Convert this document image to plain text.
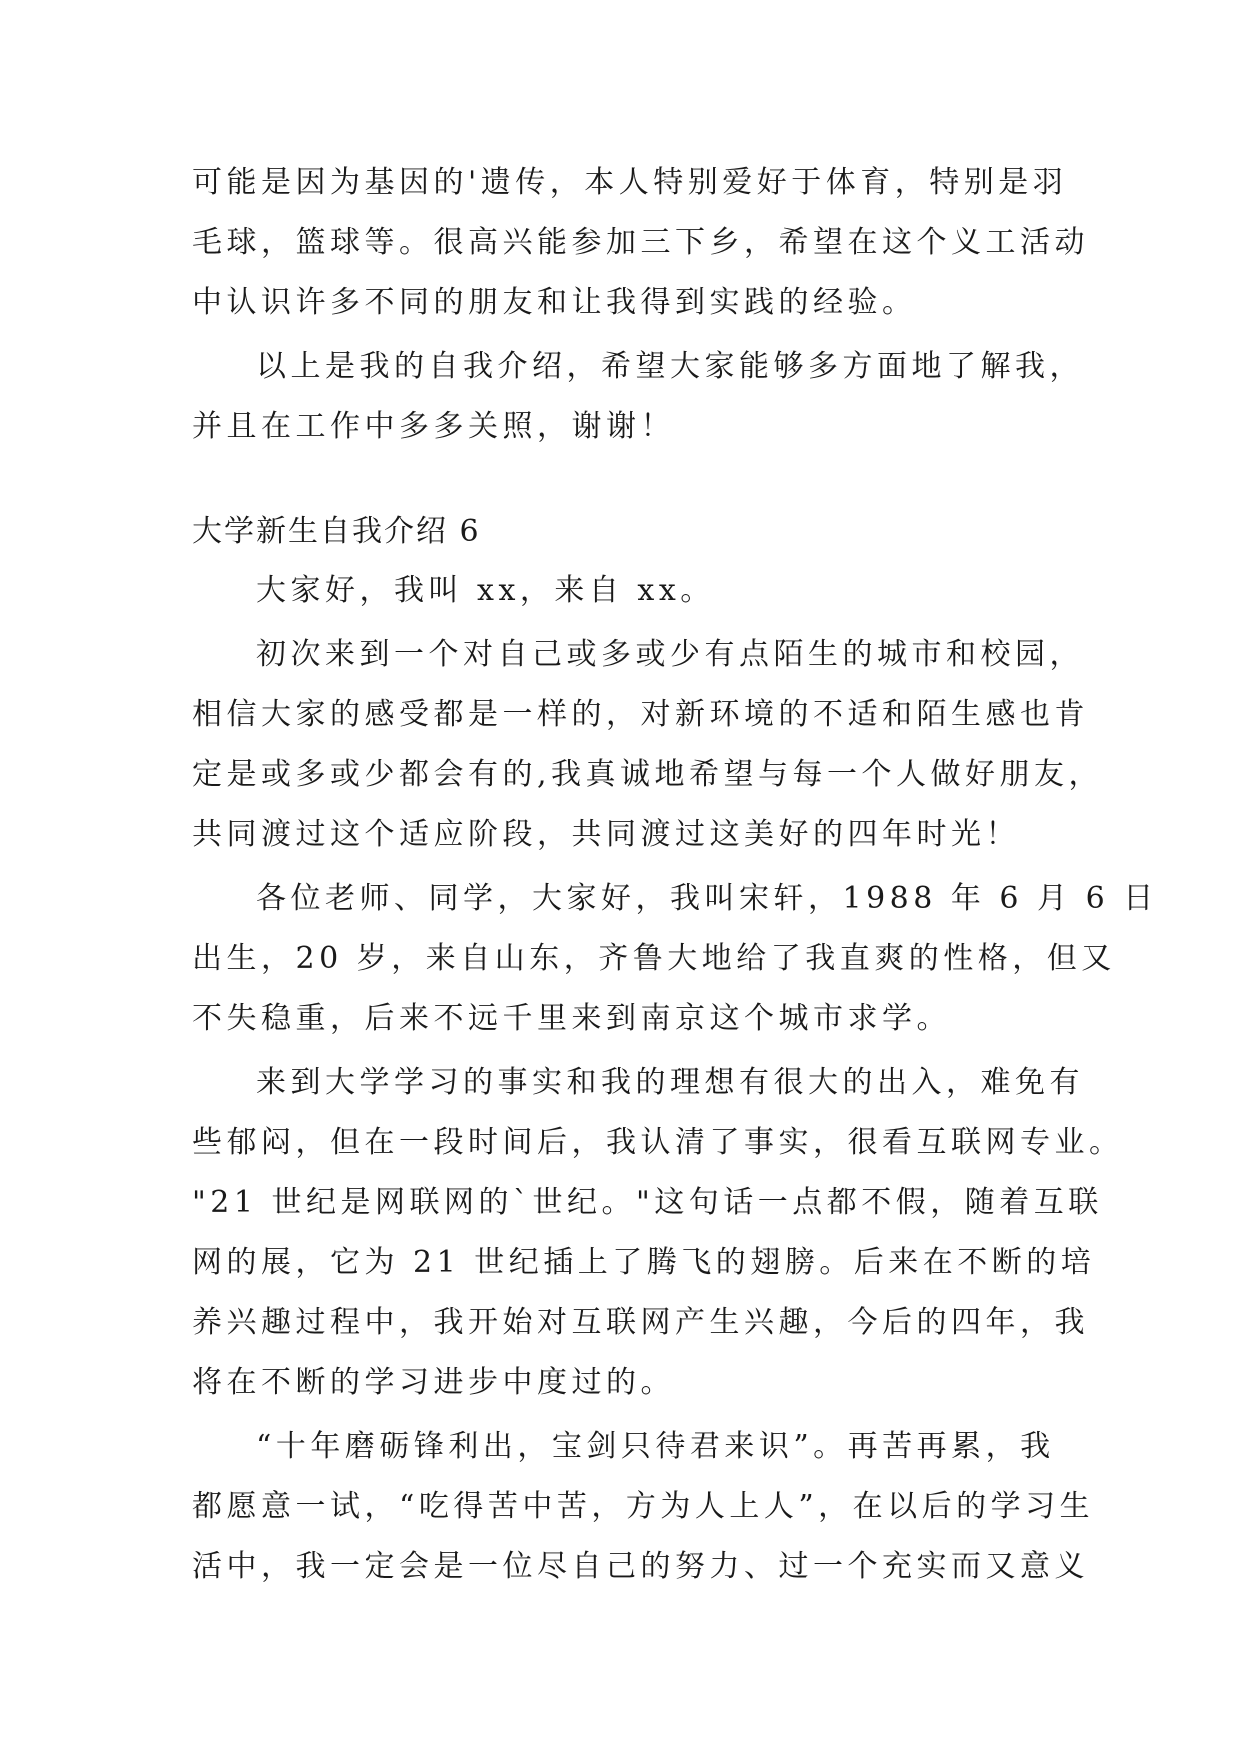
可能是因为基因的'遗传，本人特别爱好于体育，特别是羽

毛球，篮球等。很高兴能参加三下乡，希望在这个义工活动

中认识许多不同的朋友和让我得到实践的经验。

以上是我的自我介绍，希望大家能够多方面地了解我，

并且在工作中多多关照，谢谢！

大学新生自我介绍 6

大家好，我叫 xx，来自 xx。

初次来到一个对自己或多或少有点陌生的城市和校园，

相信大家的感受都是一样的，对新环境的不适和陌生感也肯

定是或多或少都会有的,我真诚地希望与每一个人做好朋友，

共同渡过这个适应阶段，共同渡过这美好的四年时光！

各位老师、同学，大家好，我叫宋轩，1988 年 6 月 6 日

出生，20 岁，来自山东，齐鲁大地给了我直爽的性格，但又

不失稳重，后来不远千里来到南京这个城市求学。

来到大学学习的事实和我的理想有很大的出入，难免有

些郁闷，但在一段时间后，我认清了事实，很看互联网专业。

"21 世纪是网联网的`世纪。"这句话一点都不假，随着互联

网的展，它为 21 世纪插上了腾飞的翅膀。后来在不断的培

养兴趣过程中，我开始对互联网产生兴趣，今后的四年，我

将在不断的学习进步中度过的。

“十年磨砺锋利出，宝剑只待君来识”。再苦再累，我

都愿意一试，“吃得苦中苦，方为人上人”，在以后的学习生

活中，我一定会是一位尽自己的努力、过一个充实而又意义
